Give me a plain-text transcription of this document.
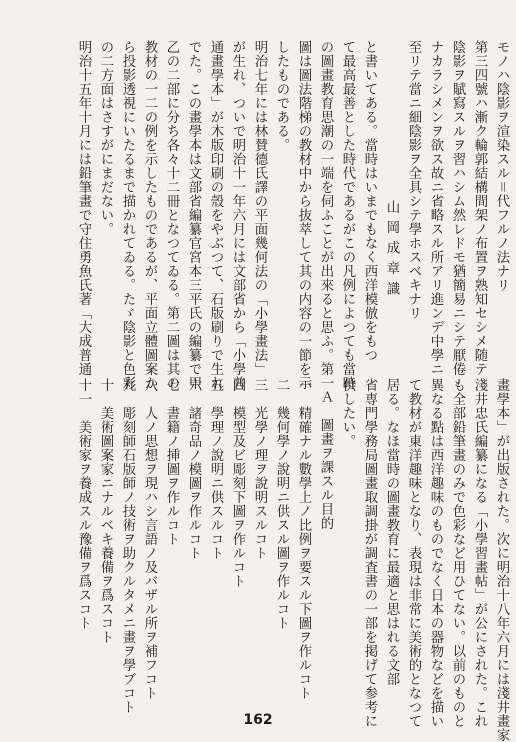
モノハ陰影ヲ渲染スル＝代フルノ法ナリ
第三四號ハ漸ク輪郭結構間架ノ布置ヲ熟知セシメ随テ
陰影ヲ賦寫スルヲ習ハシム然レドモ猶簡易ニシテ厭倦
ナカラシメンヲ欲ス故ニ省略スル所アリ進ンデ中學ニ
至リテ當ニ細陰影ヲ全具シテ學ホスベキナリ
山岡成章識
と書いてある。當時はいまでもなく西洋模倣をもつ
て最高最善とした時代であるがこの凡例によつても當時
の圖畫教育思潮の一端を伺ふことが出來ると思ふ。第一
圖は圖法階梯の教材中から抜萃して其の内容の一節を示
したものである。
明治七年には林賛德氏譯の平面幾何法の「小學畫法」
が生れ、ついで明治十一年六月には文部省から「小學普
通畫學本」が木版印刷の殼をやぶつて、石版刷りで生れ
でた。この畫學本は文部省編纂官宮本三平氏の編纂で甲
乙の二部に分ち各々十二冊となつてゐる。第二圖は其の
教材の一二の例を示したものであるが、平面立體圖案か
ら投影透視にいたるまで描かれてゐる。たゞ陰影と色彩
の二方面はさすがにまだない。
明治十五年十月には鉛筆畫で守住勇魚氏著「大成普通
畫學本」が出版された。次に明治十八年六月には淺井畫家
淺井忠氏編纂になる「小學習畫帖」が公にされた。これ
も全部鉛筆畫のみで色彩など用ひてない。以前のものと
異なる點は西洋趣味のものでなく日本の器物などを描い
て教材が東洋趣味となり、表現は非常に美術的となつて
居る。なほ當時の圖畫教育に最適と思はれる文部
省専門學務局圖畫取調掛が調査書の一部を掲げて参考に
供したい。
Ａ　圖畫ヲ課スル目的
一　精確ナル數學上ノ比例ヲ要スル下圖ヲ作ルコト
二　幾何學ノ說明ニ供スル圖ヲ作ルコト
三　光學ノ理ヲ說明スルコト
四　模型及ビ彫刻下圖ヲ作ルコト
五　學理ノ說明ニ供スルコト
六　諸奇品ノ模圖ヲ作ルコト
七　書籍ノ挿圖ヲ作ルコト
八　人ノ思想ヲ現ハシ言語ノ及バザル所ヲ補フコト
九　彫刻師石版師ノ技術ヲ助クルタメニ畫ヲ學ブコト
十　美術圖案家ニナルベキ養備ヲ爲スコト
十一　美術家ヲ養成スル豫備ヲ爲スコト
162
